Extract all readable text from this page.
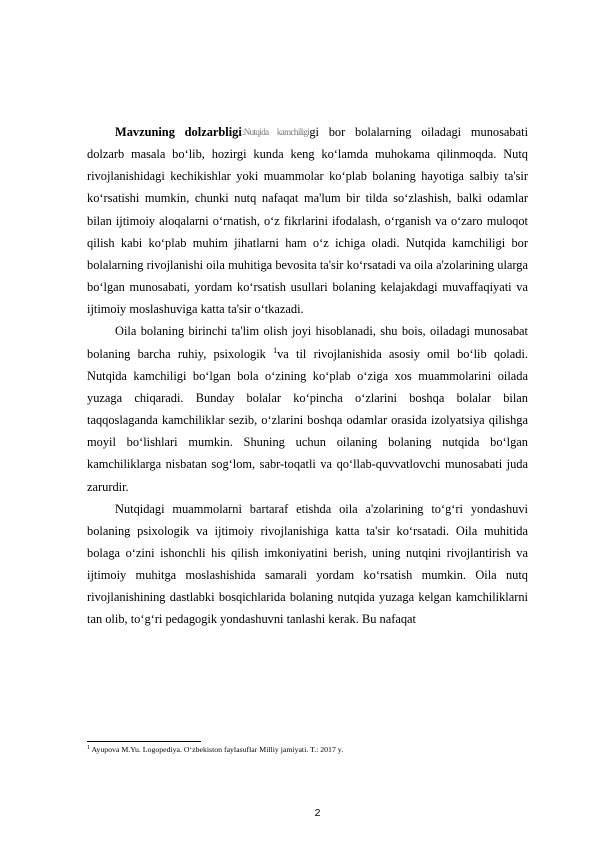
Mavzuning dolzarbligi:Nutqida kamchiligigi bor bolalarning oiladagi munosabati dolzarb masala bo‘lib, hozirgi kunda keng ko‘lamda muhokama qilinmoqda. Nutq rivojlanishidagi kechikishlar yoki muammolar ko‘plab bolaning hayotiga salbiy ta'sir ko‘rsatishi mumkin, chunki nutq nafaqat ma'lum bir tilda so‘zlashish, balki odamlar bilan ijtimoiy aloqalarni o‘rnatish, o‘z fikrlarini ifodalash, o‘rganish va o‘zaro muloqot qilish kabi ko‘plab muhim jihatlarni ham o‘z ichiga oladi. Nutqida kamchiligi bor bolalarning rivojlanishi oila muhitiga bevosita ta'sir ko‘rsatadi va oila a'zolarining ularga bo‘lgan munosabati, yordam ko‘rsatish usullari bolaning kelajakdagi muvaffaqiyati va ijtimoiy moslashuviga katta ta'sir o‘tkazadi.

Oila bolaning birinchi ta'lim olish joyi hisoblanadi, shu bois, oiladagi munosabat bolaning barcha ruhiy, psixologik $^1$va til rivojlanishida asosiy omil bo‘lib qoladi. Nutqida kamchiligi bo‘lgan bola o‘zining ko‘plab o‘ziga xos muammolarini oilada yuzaga chiqaradi. Bunday bolalar ko‘pincha o‘zlarini boshqa bolalar bilan taqqoslaganda kamchiliklar sezib, o‘zlarini boshqa odamlar orasida izolyatsiya qilishga moyil bo‘lishlari mumkin. Shuning uchun oilaning bolaning nutqida bo‘lgan kamchiliklarga nisbatan sog‘lom, sabr-toqatli va qo‘llab-quvvatlovchi munosabati juda zarurdir.

Nutqidagi muammolarni bartaraf etishda oila a'zolarining to‘g‘ri yondashuvi bolaning psixologik va ijtimoiy rivojlanishiga katta ta'sir ko‘rsatadi. Oila muhitida bolaga o‘zini ishonchli his qilish imkoniyatini berish, uning nutqini rivojlantirish va ijtimoiy muhitga moslashishida samarali yordam ko‘rsatish mumkin. Oila nutq rivojlanishining dastlabki bosqichlarida bolaning nutqida yuzaga kelgan kamchiliklarni tan olib, to‘g‘ri pedagogik yondashuvni tanlashi kerak. Bu nafaqat

$^1$ Ayupova M.Yu. Logopediya. O‘zbekiston faylasuflar Milliy jamiyati. T.: 2017 y.
2
